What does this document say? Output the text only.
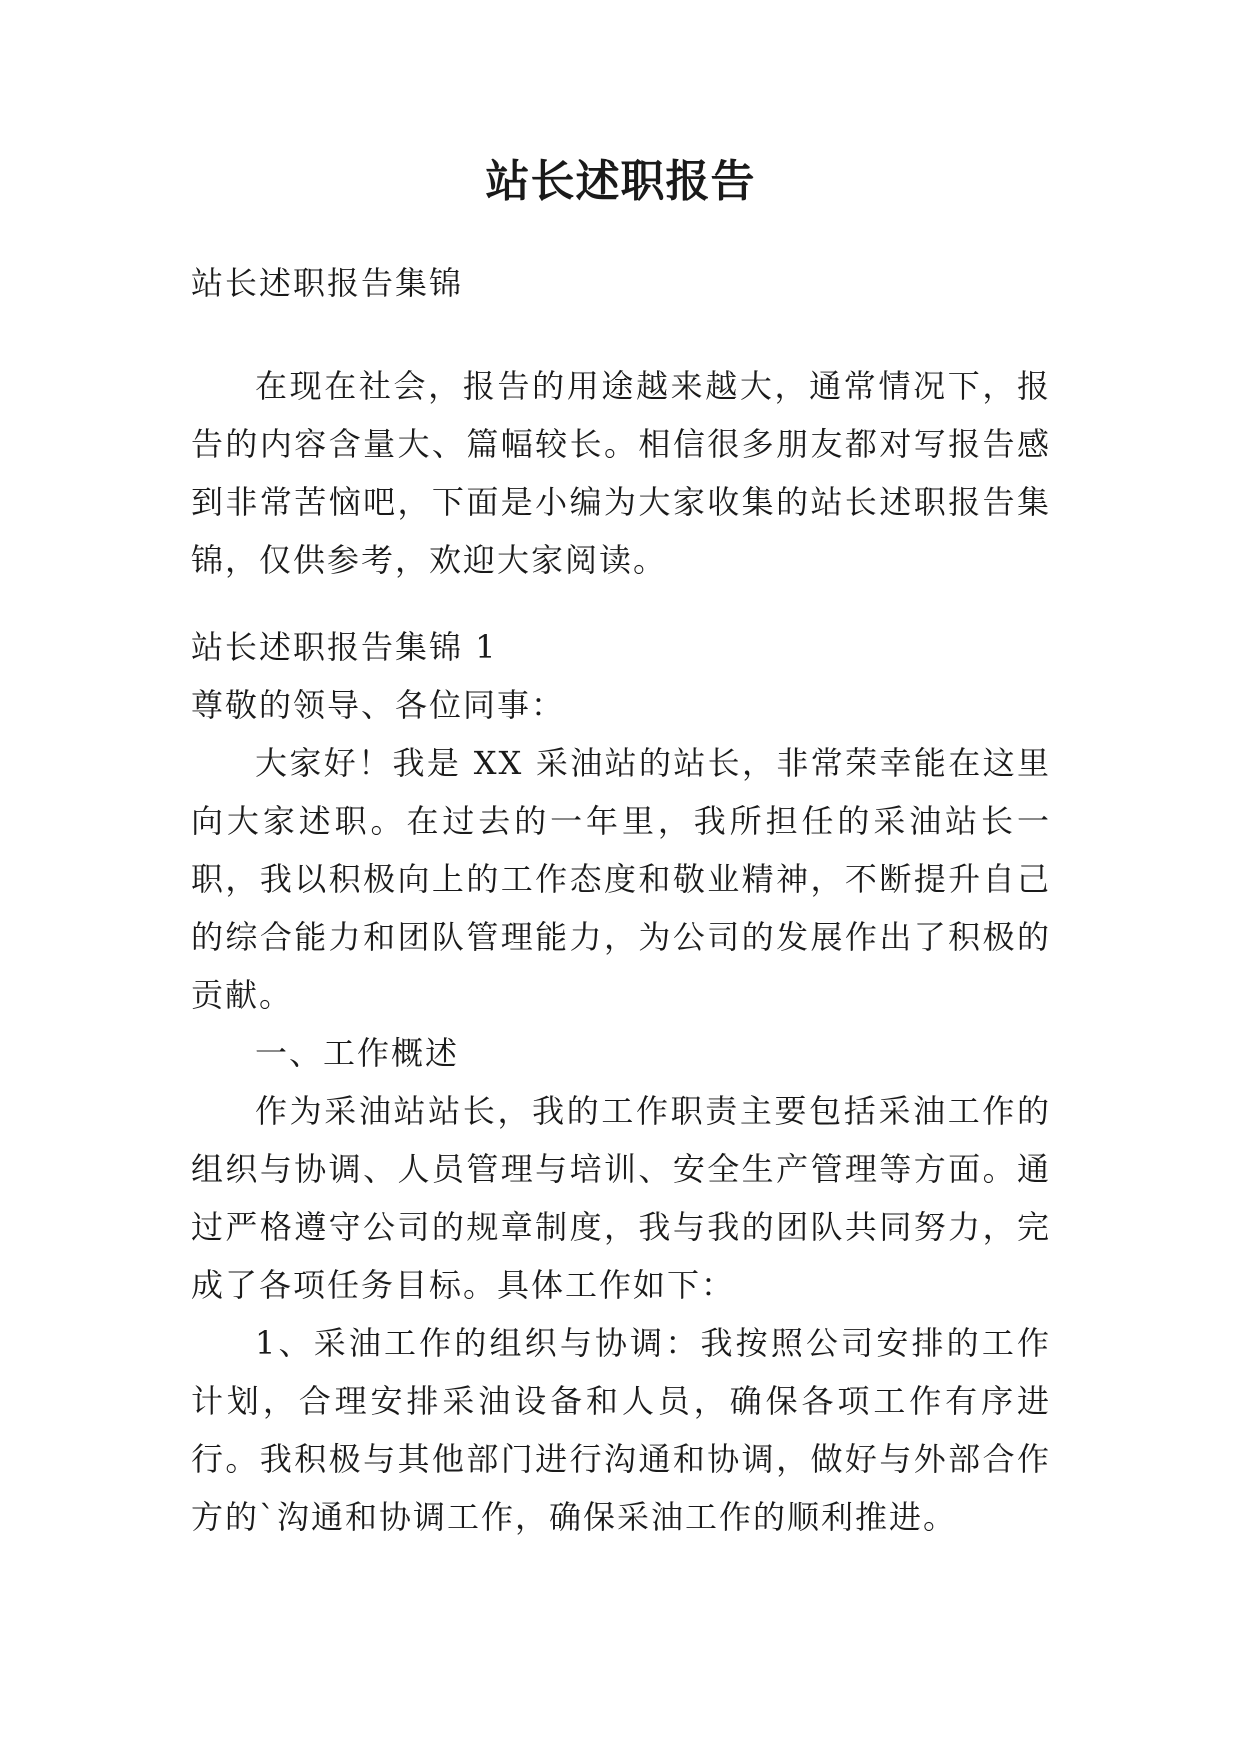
站长述职报告

站长述职报告集锦

在现在社会，报告的用途越来越大，通常情况下，报告的内容含量大、篇幅较长。相信很多朋友都对写报告感到非常苦恼吧，下面是小编为大家收集的站长述职报告集锦，仅供参考，欢迎大家阅读。

站长述职报告集锦 1

尊敬的领导、各位同事：

大家好！我是 XX 采油站的站长，非常荣幸能在这里向大家述职。在过去的一年里，我所担任的采油站长一职，我以积极向上的工作态度和敬业精神，不断提升自己的综合能力和团队管理能力，为公司的发展作出了积极的贡献。

一、工作概述

作为采油站站长，我的工作职责主要包括采油工作的组织与协调、人员管理与培训、安全生产管理等方面。通过严格遵守公司的规章制度，我与我的团队共同努力，完成了各项任务目标。具体工作如下：

1、采油工作的组织与协调：我按照公司安排的工作计划，合理安排采油设备和人员，确保各项工作有序进行。我积极与其他部门进行沟通和协调，做好与外部合作方的`沟通和协调工作，确保采油工作的顺利推进。
